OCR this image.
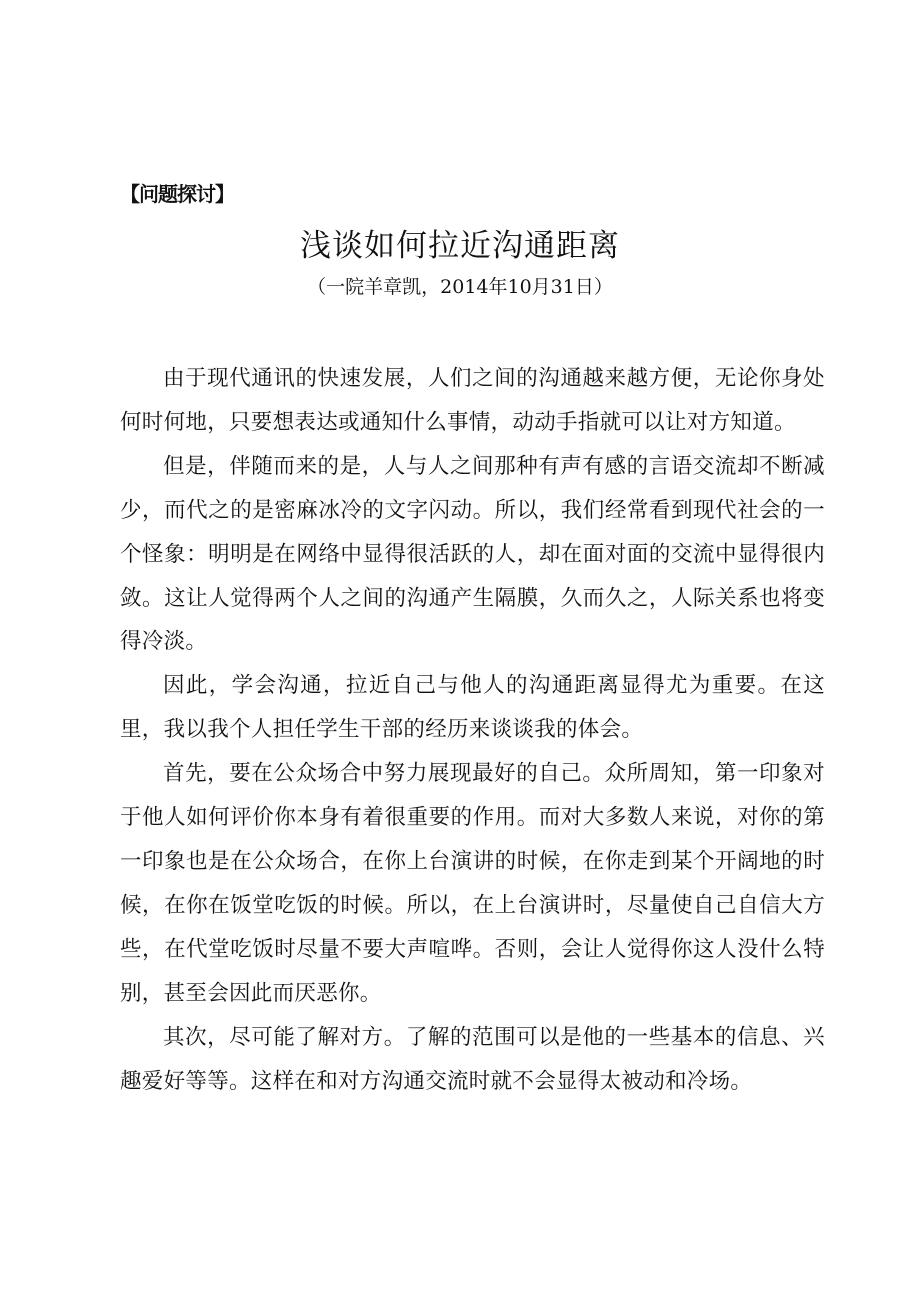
【问题探讨】
浅谈如何拉近沟通距离
（一院羊章凯，2014年10月31日）

由于现代通讯的快速发展，人们之间的沟通越来越方便，无论你身处何时何地，只要想表达或通知什么事情，动动手指就可以让对方知道。

但是，伴随而来的是，人与人之间那种有声有感的言语交流却不断减少，而代之的是密麻冰冷的文字闪动。所以，我们经常看到现代社会的一个怪象：明明是在网络中显得很活跃的人，却在面对面的交流中显得很内敛。这让人觉得两个人之间的沟通产生隔膜，久而久之，人际关系也将变得冷淡。

因此，学会沟通，拉近自己与他人的沟通距离显得尤为重要。在这里，我以我个人担任学生干部的经历来谈谈我的体会。

首先，要在公众场合中努力展现最好的自己。众所周知，第一印象对于他人如何评价你本身有着很重要的作用。而对大多数人来说，对你的第一印象也是在公众场合，在你上台演讲的时候，在你走到某个开阔地的时候，在你在饭堂吃饭的时候。所以，在上台演讲时，尽量使自己自信大方些，在代堂吃饭时尽量不要大声喧哗。否则，会让人觉得你这人没什么特别，甚至会因此而厌恶你。

其次，尽可能了解对方。了解的范围可以是他的一些基本的信息、兴趣爱好等等。这样在和对方沟通交流时就不会显得太被动和冷场。
